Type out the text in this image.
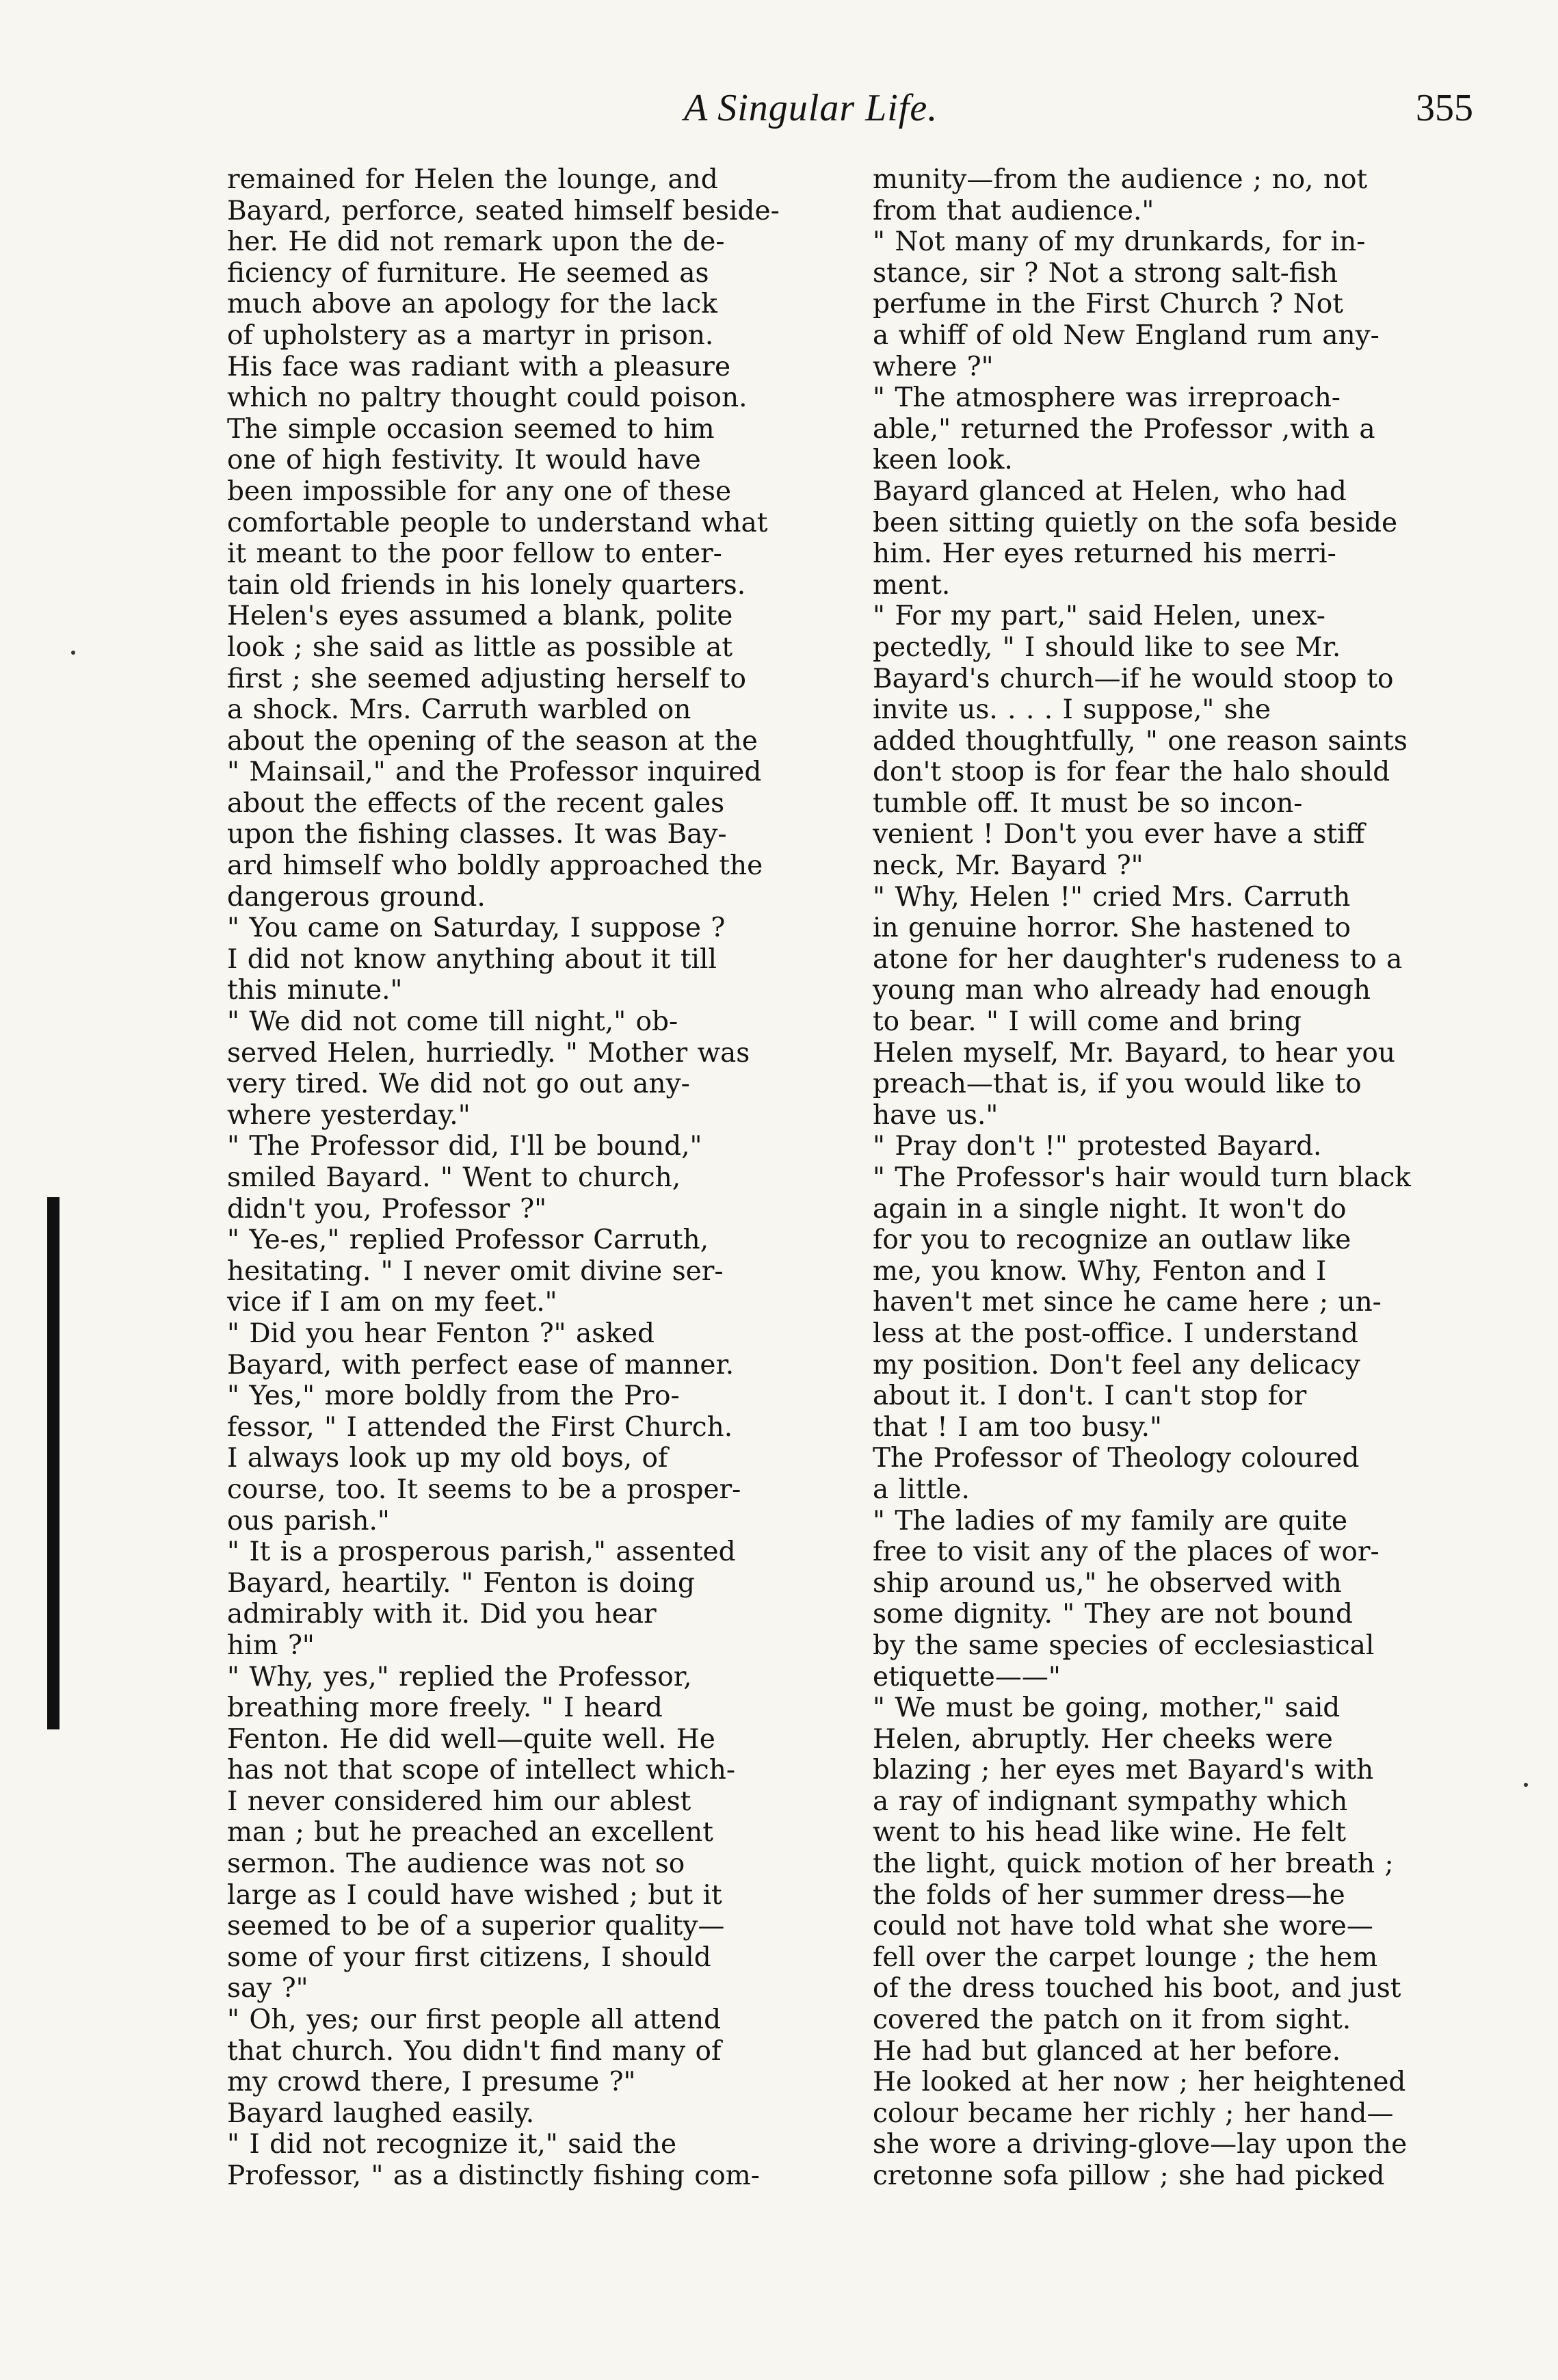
A Singular Life.	355

remained for Helen the lounge, and
Bayard, perforce, seated himself beside-
her. He did not remark upon the de-
ficiency of furniture. He seemed as
much above an apology for the lack
of upholstery as a martyr in prison.
His face was radiant with a pleasure
which no paltry thought could poison.
The simple occasion seemed to him
one of high festivity. It would have
been impossible for any one of these
comfortable people to understand what
it meant to the poor fellow to enter-
tain old friends in his lonely quarters.

Helen's eyes assumed a blank, polite
look ; she said as little as possible at
first ; she seemed adjusting herself to
a shock. Mrs. Carruth warbled on
about the opening of the season at the
" Mainsail," and the Professor inquired
about the effects of the recent gales
upon the fishing classes. It was Bay-
ard himself who boldly approached the
dangerous ground.

" You came on Saturday, I suppose ?
I did not know anything about it till
this minute."

" We did not come till night," ob-
served Helen, hurriedly. " Mother was
very tired. We did not go out any-
where yesterday."

" The Professor did, I'll be bound,"
smiled Bayard. " Went to church,
didn't you, Professor ?"

" Ye-es," replied Professor Carruth,
hesitating. " I never omit divine ser-
vice if I am on my feet."

" Did you hear Fenton ?" asked
Bayard, with perfect ease of manner.

" Yes," more boldly from the Pro-
fessor, " I attended the First Church.
I always look up my old boys, of
course, too. It seems to be a prosper-
ous parish."

" It is a prosperous parish," assented
Bayard, heartily. " Fenton is doing
admirably with it. Did you hear
him ?"

" Why, yes," replied the Professor,
breathing more freely. " I heard
Fenton. He did well—quite well. He
has not that scope of intellect which-
I never considered him our ablest
man ; but he preached an excellent
sermon. The audience was not so
large as I could have wished ; but it
seemed to be of a superior quality—
some of your first citizens, I should
say ?"

" Oh, yes; our first people all attend
that church. You didn't find many of
my crowd there, I presume ?"

Bayard laughed easily.

" I did not recognize it," said the
Professor, " as a distinctly fishing com-

munity—from the audience ; no, not
from that audience."

" Not many of my drunkards, for in-
stance, sir ? Not a strong salt-fish
perfume in the First Church ? Not
a whiff of old New England rum any-
where ?"

" The atmosphere was irreproach-
able," returned the Professor ,with a
keen look.

Bayard glanced at Helen, who had
been sitting quietly on the sofa beside
him. Her eyes returned his merri-
ment.

" For my part," said Helen, unex-
pectedly, " I should like to see Mr.
Bayard's church—if he would stoop to
invite us. . . . I suppose," she
added thoughtfully, " one reason saints
don't stoop is for fear the halo should
tumble off. It must be so incon-
venient ! Don't you ever have a stiff
neck, Mr. Bayard ?"

" Why, Helen !" cried Mrs. Carruth
in genuine horror. She hastened to
atone for her daughter's rudeness to a
young man who already had enough
to bear. " I will come and bring
Helen myself, Mr. Bayard, to hear you
preach—that is, if you would like to
have us."

" Pray don't !" protested Bayard.
" The Professor's hair would turn black
again in a single night. It won't do
for you to recognize an outlaw like
me, you know. Why, Fenton and I
haven't met since he came here ; un-
less at the post-office. I understand
my position. Don't feel any delicacy
about it. I don't. I can't stop for
that ! I am too busy."

The Professor of Theology coloured
a little.

" The ladies of my family are quite
free to visit any of the places of wor-
ship around us," he observed with
some dignity. " They are not bound
by the same species of ecclesiastical
etiquette——"

" We must be going, mother," said
Helen, abruptly. Her cheeks were
blazing ; her eyes met Bayard's with
a ray of indignant sympathy which
went to his head like wine. He felt
the light, quick motion of her breath ;
the folds of her summer dress—he
could not have told what she wore—
fell over the carpet lounge ; the hem
of the dress touched his boot, and just
covered the patch on it from sight.
He had but glanced at her before.
He looked at her now ; her heightened
colour became her richly ; her hand—
she wore a driving-glove—lay upon the
cretonne sofa pillow ; she had picked
